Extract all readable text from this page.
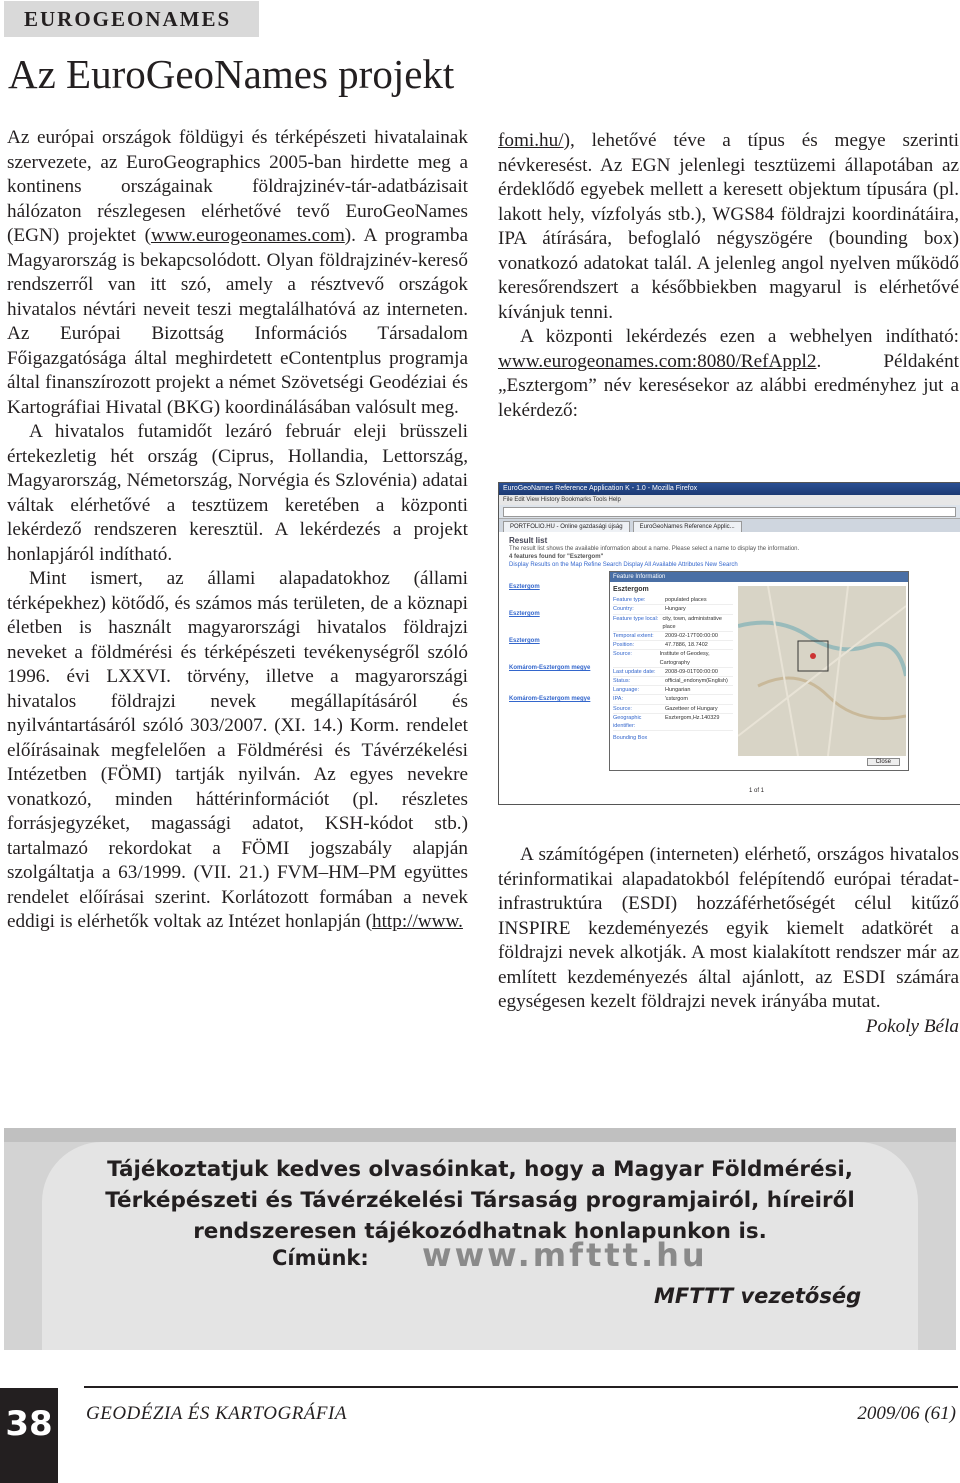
EUROGEONAMES
Az EuroGeoNames projekt

Az európai országok földügyi és térképészeti hivatalainak szervezete, az EuroGeographics 2005-ban hirdette meg a kontinens országainak földrajzinév-tár-adatbázisait hálózaton részlegesen elérhetővé tevő EuroGeoNames (EGN) projektet (www.eurogeonames.com). A programba Magyarország is bekapcsolódott. Olyan földrajzinév-kereső rendszerről van itt szó, amely a résztvevő országok hivatalos névtári neveit teszi megtalálhatóvá az interneten. Az Európai Bizottság Információs Társadalom Főigazgatósága által meghirdetett eContentplus programja által finanszírozott projekt a német Szövetségi Geodéziai és Kartográfiai Hivatal (BKG) koordinálásában valósult meg.

A hivatalos futamidőt lezáró február eleji brüsszeli értekezletig hét ország (Ciprus, Hollandia, Lettország, Magyarország, Németország, Norvégia és Szlovénia) adatai váltak elérhetővé a tesztüzem keretében a központi lekérdező rendszeren keresztül. A lekérdezés a projekt honlapjáról indítható.

Mint ismert, az állami alapadatokhoz (állami térképekhez) kötődő, és számos más területen, de a köznapi életben is használt magyarországi hivatalos földrajzi neveket a földmérési és térképészeti tevékenységről szóló 1996. évi LXXVI. törvény, illetve a magyarországi hivatalos földrajzi nevek megállapításáról és nyilvántartásáról szóló 303/2007. (XI. 14.) Korm. rendelet előírásainak megfelelően a Földmérési és Távérzékelési Intézetben (FÖMI) tartják nyilván. Az egyes nevekre vonatkozó, minden háttérinformációt (pl. részletes forrásjegyzéket, magassági adatot, KSH-kódot stb.) tartalmazó rekordokat a FÖMI jogszabály alapján szolgáltatja a 63/1999. (VII. 21.) FVM–HM–PM együttes rendelet előírásai szerint. Korlátozott formában a nevek eddigi is elérhetők voltak az Intézet honlapján (http://www.

fomi.hu/), lehetővé téve a típus és megye szerinti névkeresést. Az EGN jelenlegi tesztüzemi állapotában az érdeklődő egyebek mellett a keresett objektum típusára (pl. lakott hely, vízfolyás stb.), WGS84 földrajzi koordinátáira, IPA átírására, befoglaló négyszögére (bounding box) vonatkozó adatokat talál. A jelenleg angol nyelven működő keresőrendszert a későbbiekben magyarul is elérhetővé kívánjuk tenni.

A központi lekérdezés ezen a webhelyen indítható: www.eurogeonames.com:8080/RefAppl2. Példaként „Esztergom” név keresésekor az alábbi eredményhez jut a lekérdező:

EuroGeoNames Reference Application K - 1.0 - Mozilla Firefox
File Edit View History Bookmarks Tools Help
PORTFOLIO.HU - Online gazdasági újság	EuroGeoNames Reference Applic...
Result list
The result list shows the available information about a name. Please select a name to display the information.
4 features found for "Esztergom"
Display Results on the Map Refine Search Display All Available Attributes New Search
Esztergom
Esztergom
Esztergom
Komárom-Esztergom megye
Komárom-Esztergom megye
1 of 1
Feature Information
Esztergom
Feature type:	populated places
Country:	Hungary
Feature type local: city, town, administrative place
Temporal extent:	2009-02-17T00:00:00
Position:	47.7886, 18.7402
Source:	Institute of Geodesy, Cartography
Last update date:	2008-09-01T00:00:00
Status:	official_endonym(English)
Language:	Hungarian
IPA:	'ɛstɛrgom
Source:	Gazetteer of Hungary
Geographic identifier:
Esztergom,Hz.140329
Bounding Box
Close

A számítógépen (interneten) elérhető, országos hivatalos térinformatikai alapadatokból felépítendő európai téradat-infrastruktúra (ESDI) hozzáférhetőségét célul kitűző INSPIRE kezdeményezés egyik kiemelt adatkörét a földrajzi nevek alkotják. A most kialakított rendszer már az említett kezdeményezés által ajánlott, az ESDI számára egységesen kezelt földrajzi nevek irányába mutat.

Pokoly Béla

Tájékoztatjuk kedves olvasóinkat, hogy a Magyar Földmérési,
Térképészeti és Távérzékelési Társaság programjairól, híreiről
rendszeresen tájékozódhatnak honlapunkon is.
Címünk: www.mfttt.hu
MFTTT vezetőség
38 GEODÉZIA ÉS KARTOGRÁFIA	2009/06 (61)
